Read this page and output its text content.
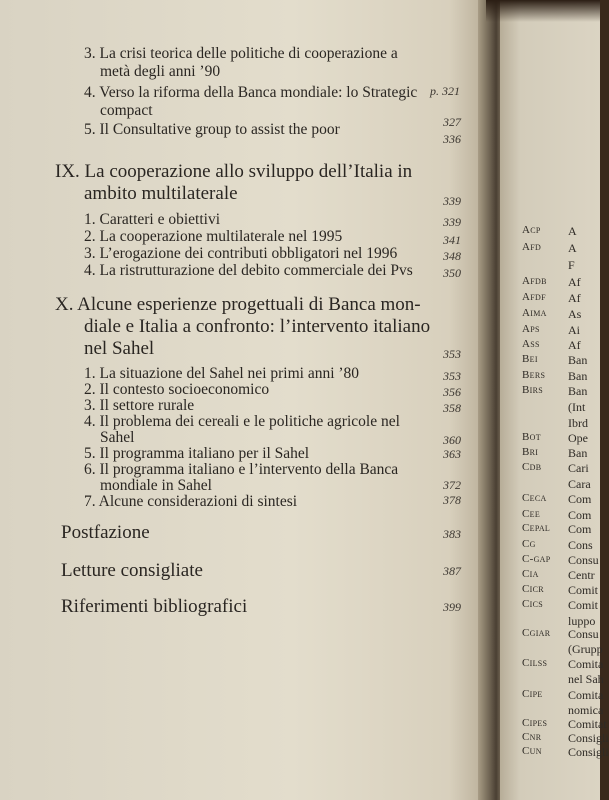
3. La crisi teorica delle politiche di cooperazione a
metà degli anni ’90
p. 321
4. Verso la riforma della Banca mondiale: lo Strategic
compact
327
5. Il Consultative group to assist the poor
336
IX. La cooperazione allo sviluppo dell’Italia in
ambito multilaterale	339
1. Caratteri e obiettivi	339
2. La cooperazione multilaterale nel 1995	341
3. L’erogazione dei contributi obbligatori nel 1996	348
4. La ristrutturazione del debito commerciale dei Pvs	350
X. Alcune esperienze progettuali di Banca mon-
diale e Italia a confronto: l’intervento italiano
nel Sahel	353
1. La situazione del Sahel nei primi anni ’80	353
2. Il contesto socioeconomico	356
3. Il settore rurale	358
4. Il problema dei cereali e le politiche agricole nel
Sahel	360
5. Il programma italiano per il Sahel	363
6. Il programma italiano e l’intervento della Banca
mondiale in Sahel	372
7. Alcune considerazioni di sintesi	378
Postfazione	383
Letture consigliate	387
Riferimenti bibliografici	399
Acp A
Afd A
F
Afdb Af
Afdf Af
Aima As
Aps Ai
Ass Af
Bei	Ban
Bers Ban
Birs Ban
(Int
Ibrd
Bot Ope
Bri Ban
Cdb Cari
Cara
Ceca Com
Cee Com
Cepal Com
Cg	Cons
C-gap Consu
Cia Centr
Cicr Comit
Cics Comit
luppo
Cgiar Consu
(Grupp
Cilss Comita
nel Sah
Cipe Comita
nomica
Cipes Comitat
Cnr Consigli
Cun Consigli
